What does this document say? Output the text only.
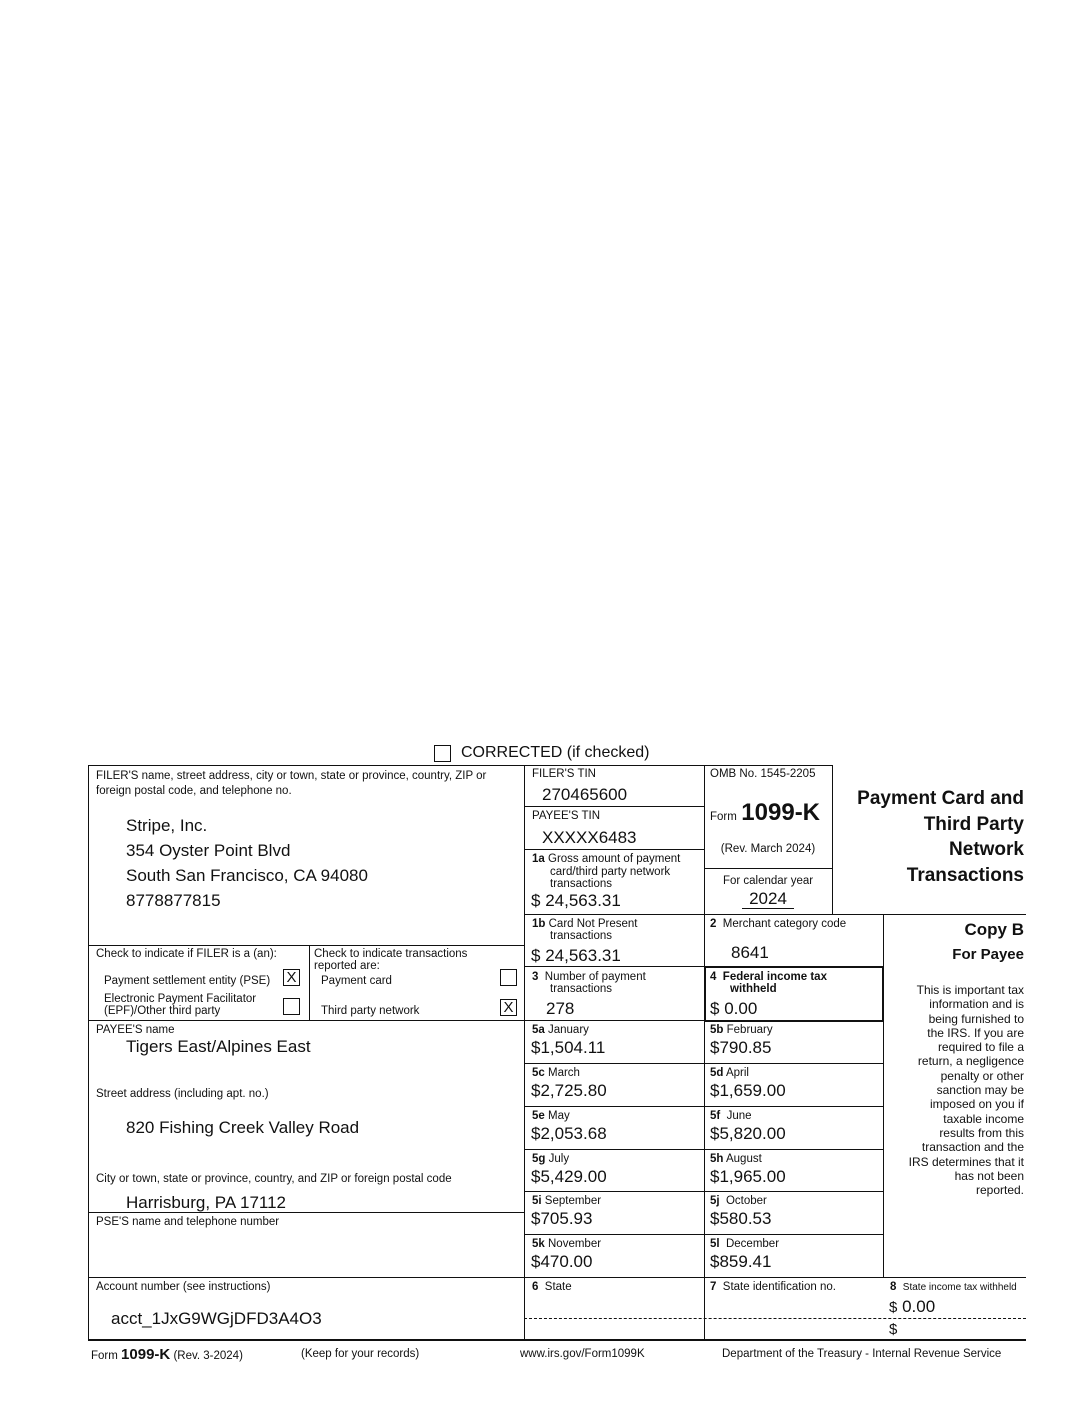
CORRECTED (if checked)
FILER'S name, street address, city or town, state or province, country, ZIP or foreign postal code, and telephone no.
Stripe, Inc.
354 Oyster Point Blvd
South San Francisco, CA 94080
8778877815
FILER'S TIN
270465600
PAYEE'S TIN
XXXXX6483
1a Gross amount of payment
card/third party network
transactions
$ 24,563.31
OMB No. 1545-2205
Form 1099-K
(Rev. March 2024)
For calendar year
2024
Payment Card and
Third Party
Network
Transactions
1b Card Not Present
transactions
$ 24,563.31
2 Merchant category code
8641
Copy B
For Payee
This is important tax
information and is
being furnished to
the IRS. If you are
required to file a
return, a negligence
penalty or other
sanction may be
imposed on you if
taxable income
results from this
transaction and the
IRS determines that it
has not been
reported.
Check to indicate if FILER is a (an):
Payment settlement entity (PSE) X
Electronic Payment Facilitator
(EPF)/Other third party
Check to indicate transactions
reported are:
Payment card
Third party network	X
3 Number of payment
transactions
278
4 Federal income tax
withheld
$ 0.00
PAYEE'S name
Tigers East/Alpines East
Street address (including apt. no.)
820 Fishing Creek Valley Road
City or town, state or province, country, and ZIP or foreign postal code
Harrisburg, PA 17112
PSE'S name and telephone number
5a January
$1,504.11
5b February
$790.85
5c March
$2,725.80
5d April
$1,659.00
5e May
$2,053.68
5f June
$5,820.00
5g July
$5,429.00
5h August
$1,965.00
5i September
$705.93
5j October
$580.53
5k November
$470.00
5l December
$859.41
Account number (see instructions)
acct_1JxG9WGjDFD3A4O3
6 State	7 State identification no.	8 State income tax withheld
$ 0.00
$
Form 1099-K (Rev. 3-2024)	(Keep for your records)	www.irs.gov/Form1099K	Department of the Treasury - Internal Revenue Service
